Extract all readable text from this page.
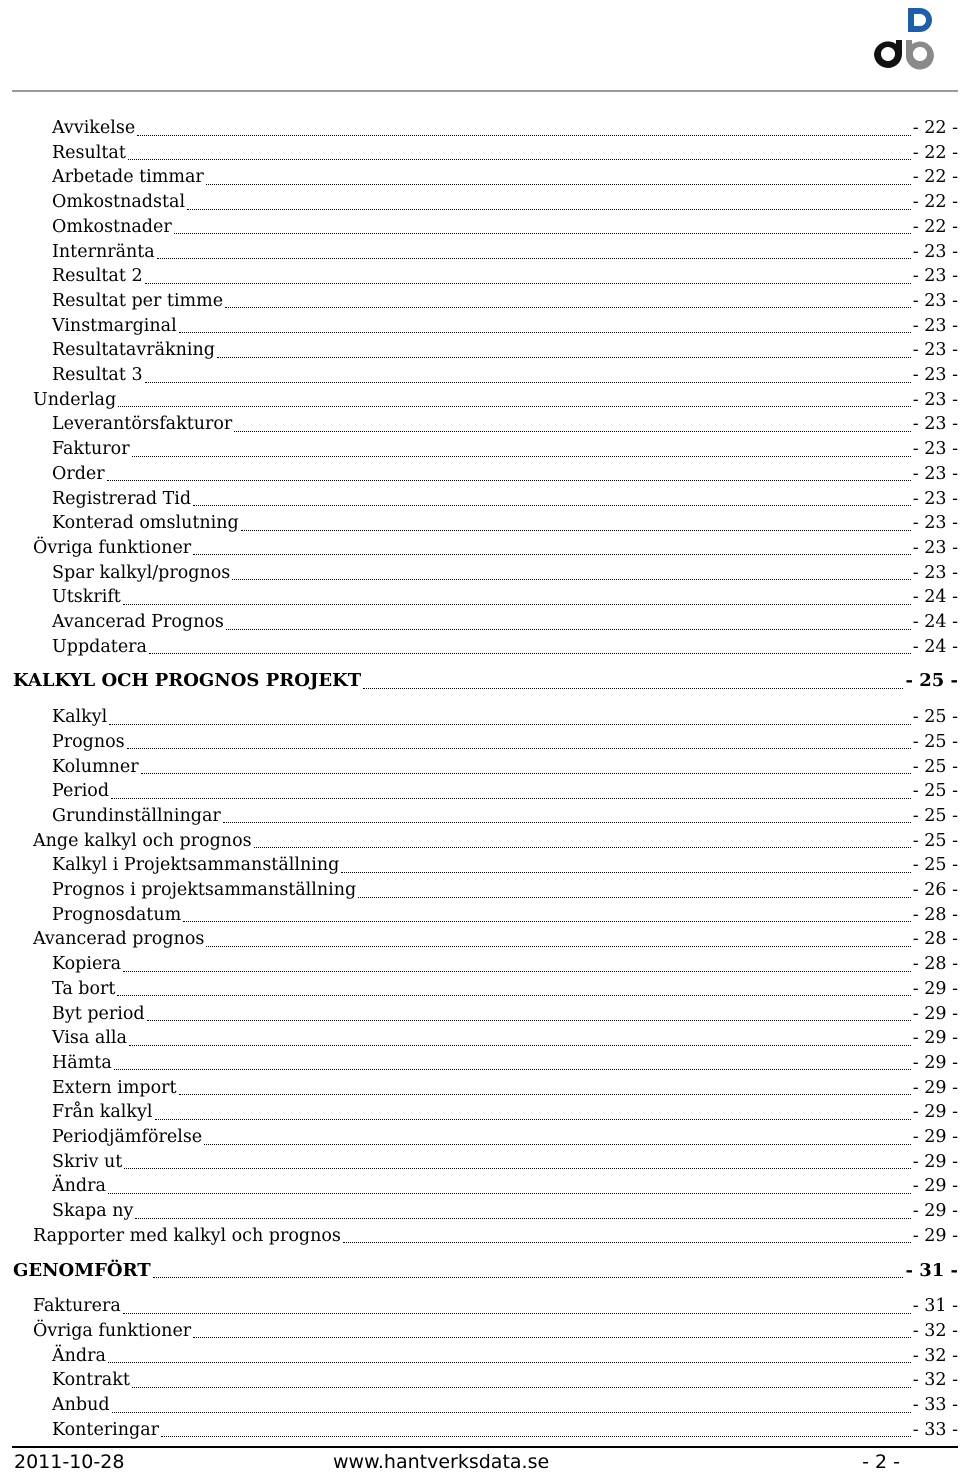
Avvikelse	- 22 -
Resultat	- 22 -
Arbetade timmar	- 22 -
Omkostnadstal	- 22 -
Omkostnader	- 22 -
Internränta	- 23 -
Resultat 2	- 23 -
Resultat per timme	- 23 -
Vinstmarginal	- 23 -
Resultatavräkning	- 23 -
Resultat 3	- 23 -
Underlag	- 23 -
Leverantörsfakturor	- 23 -
Fakturor	- 23 -
Order	- 23 -
Registrerad Tid	- 23 -
Konterad omslutning	- 23 -
Övriga funktioner	- 23 -
Spar kalkyl/prognos	- 23 -
Utskrift	- 24 -
Avancerad Prognos	- 24 -
Uppdatera	- 24 -
KALKYL OCH PROGNOS PROJEKT	- 25 -
Kalkyl	- 25 -
Prognos	- 25 -
Kolumner	- 25 -
Period	- 25 -
Grundinställningar	- 25 -
Ange kalkyl och prognos	- 25 -
Kalkyl i Projektsammanställning	- 25 -
Prognos i projektsammanställning	- 26 -
Prognosdatum	- 28 -
Avancerad prognos	- 28 -
Kopiera	- 28 -
Ta bort	- 29 -
Byt period	- 29 -
Visa alla	- 29 -
Hämta	- 29 -
Extern import	- 29 -
Från kalkyl	- 29 -
Periodjämförelse	- 29 -
Skriv ut	- 29 -
Ändra	- 29 -
Skapa ny	- 29 -
Rapporter med kalkyl och prognos	- 29 -
GENOMFÖRT	- 31 -
Fakturera	- 31 -
Övriga funktioner	- 32 -
Ändra	- 32 -
Kontrakt	- 32 -
Anbud	- 33 -
Konteringar	- 33 -
2011-10-28	www.hantverksdata.se	- 2 -
